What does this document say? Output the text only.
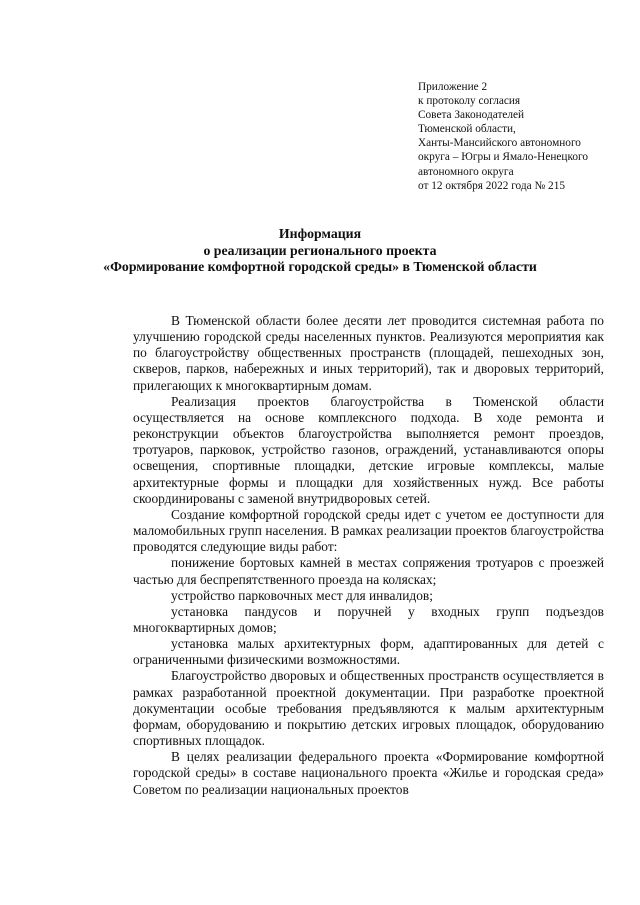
Приложение 2
к протоколу согласия
Совета Законодателей
Тюменской области,
Ханты-Мансийского автономного
округа – Югры и Ямало-Ненецкого
автономного округа
от 12 октября 2022 года № 215
Информация
о реализации регионального проекта
«Формирование комфортной городской среды» в Тюменской области

В Тюменской области более десяти лет проводится системная работа по улучшению городской среды населенных пунктов. Реализуются мероприятия как по благоустройству общественных пространств (площадей, пешеходных зон, скверов, парков, набережных и иных территорий), так и дворовых территорий, прилегающих к многоквартирным домам.

Реализация проектов благоустройства в Тюменской области осуществляется на основе комплексного подхода. В ходе ремонта и реконструкции объектов благоустройства выполняется ремонт проездов, тротуаров, парковок, устройство газонов, ограждений, устанавливаются опоры освещения, спортивные площадки, детские игровые комплексы, малые архитектурные формы и площадки для хозяйственных нужд. Все работы скоординированы с заменой внутридворовых сетей.

Создание комфортной городской среды идет с учетом ее доступности для маломобильных групп населения. В рамках реализации проектов благоустройства проводятся следующие виды работ:

понижение бортовых камней в местах сопряжения тротуаров с проезжей частью для беспрепятственного проезда на колясках;

устройство парковочных мест для инвалидов;

установка пандусов и поручней у входных групп подъездов многоквартирных домов;

установка малых архитектурных форм, адаптированных для детей с ограниченными физическими возможностями.

Благоустройство дворовых и общественных пространств осуществляется в рамках разработанной проектной документации. При разработке проектной документации особые требования предъявляются к малым архитектурным формам, оборудованию и покрытию детских игровых площадок, оборудованию спортивных площадок.

В целях реализации федерального проекта «Формирование комфортной городской среды» в составе национального проекта «Жилье и городская среда» Советом по реализации национальных проектов
